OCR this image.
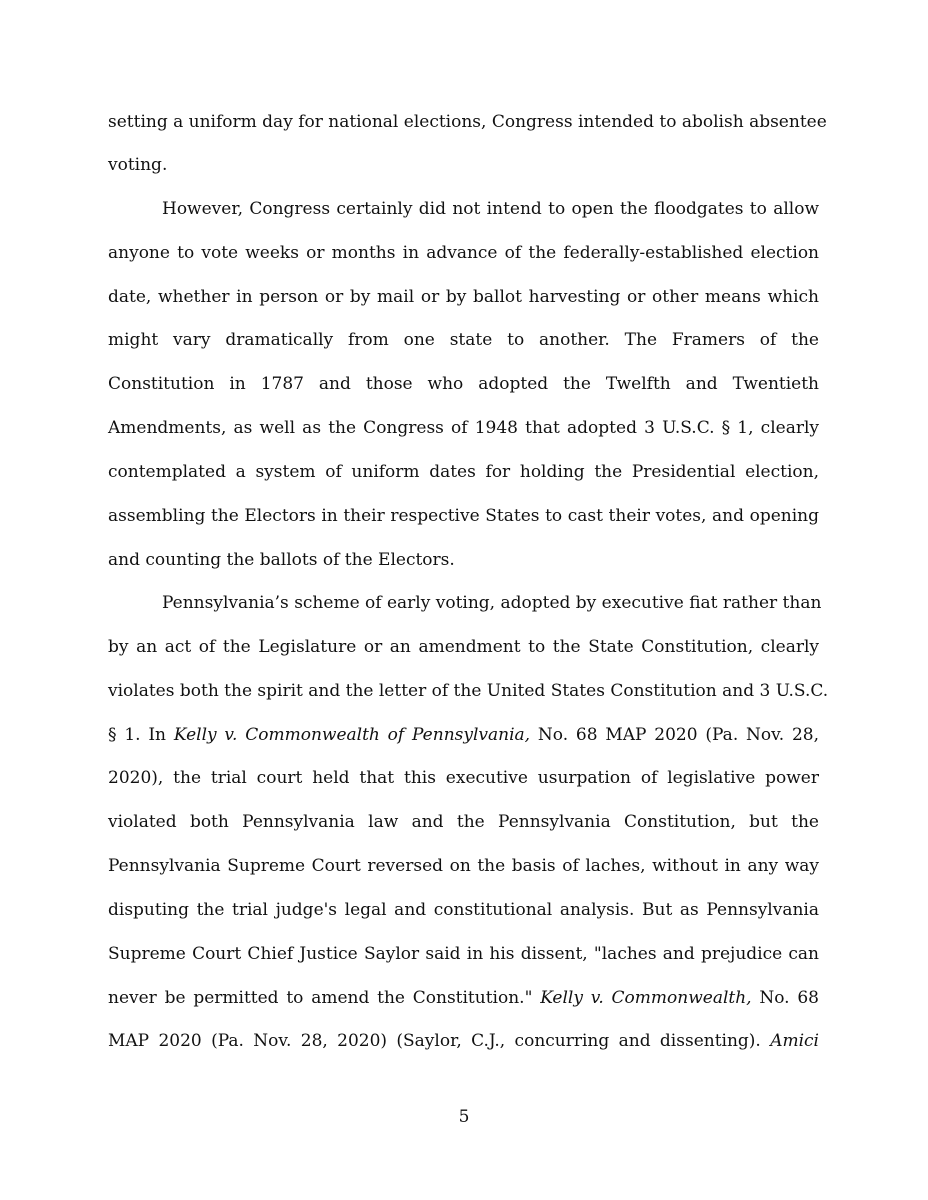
setting a uniform day for national elections, Congress intended to abolish absentee
voting.
However, Congress certainly did not intend to open the floodgates to allow
anyone to vote weeks or months in advance of the federally-established election
date, whether in person or by mail or by ballot harvesting or other means which
might vary dramatically from one state to another. The Framers of the
Constitution in 1787 and those who adopted the Twelfth and Twentieth
Amendments, as well as the Congress of 1948 that adopted 3 U.S.C. § 1, clearly
contemplated a system of uniform dates for holding the Presidential election,
assembling the Electors in their respective States to cast their votes, and opening
and counting the ballots of the Electors.
Pennsylvania’s scheme of early voting, adopted by executive fiat rather than
by an act of the Legislature or an amendment to the State Constitution, clearly
violates both the spirit and the letter of the United States Constitution and 3 U.S.C.
§ 1. In Kelly v. Commonwealth of Pennsylvania, No. 68 MAP 2020 (Pa. Nov. 28,
2020), the trial court held that this executive usurpation of legislative power
violated both Pennsylvania law and the Pennsylvania Constitution, but the
Pennsylvania Supreme Court reversed on the basis of laches, without in any way
disputing the trial judge's legal and constitutional analysis. But as Pennsylvania
Supreme Court Chief Justice Saylor said in his dissent, "laches and prejudice can
never be permitted to amend the Constitution." Kelly v. Commonwealth, No. 68
MAP 2020 (Pa. Nov. 28, 2020) (Saylor, C.J., concurring and dissenting). Amici
5
